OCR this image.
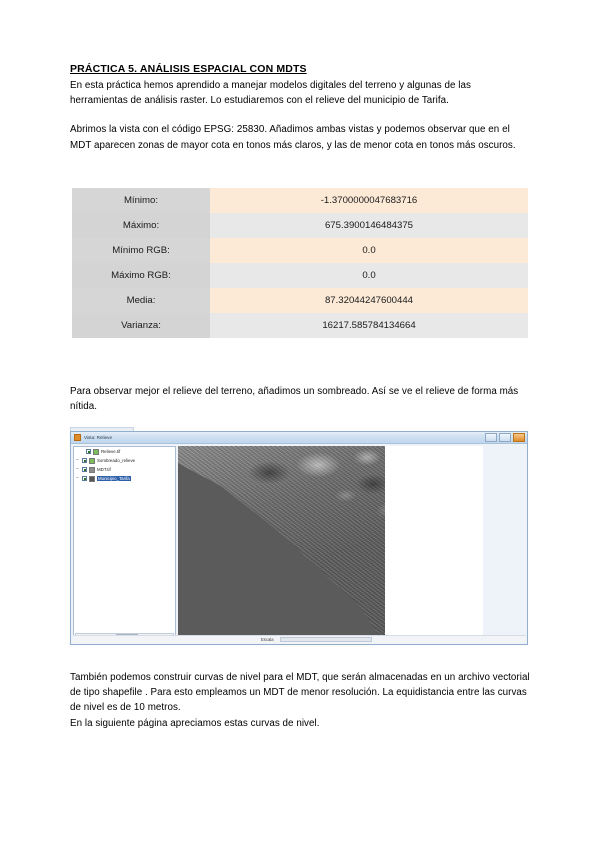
PRÁCTICA 5. ANÁLISIS ESPACIAL CON MDTS

En esta práctica hemos aprendido a manejar modelos digitales del terreno y algunas de las herramientas de análisis raster. Lo estudiaremos con el relieve del municipio de Tarifa.

Abrimos la vista con el código EPSG: 25830. Añadimos ambas vistas y podemos observar que en el MDT aparecen zonas de mayor cota en tonos más claros, y las de menor cota en tonos más oscuros.

Mínimo:	-1.3700000047683716
Máximo:	675.3900146484375
Mínimo RGB:	0.0
Máximo RGB:	0.0
Media:	87.32044247600444
Varianza:	16217.585784134664

Para observar mejor el relieve del terreno, añadimos un sombreado. Así se ve el relieve de forma más nítida.

Vista: Relieve
Relieve.tif
–	Sombreado_relieve
–	MDT.tif
–	Municipio_Tarifa
Escala

También podemos construir curvas de nivel para el MDT, que serán almacenadas en un archivo vectorial de tipo shapefile . Para esto empleamos un MDT de menor resolución. La equidistancia entre las curvas de nivel es de 10 metros.

En la siguiente página apreciamos estas curvas de nivel.
